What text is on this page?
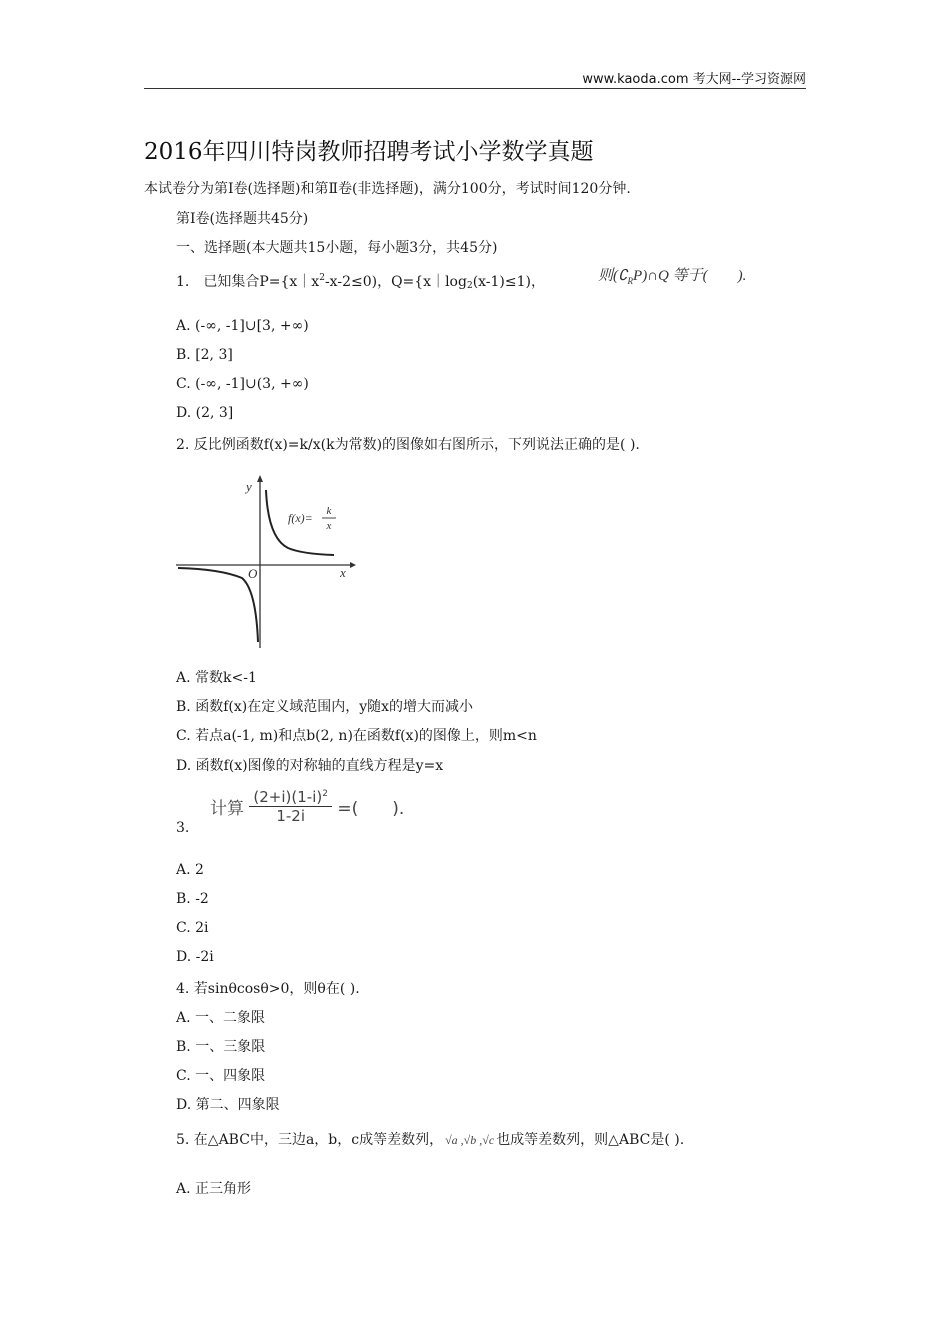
www.kaoda.com 考大网--学习资源网
2016年四川特岗教师招聘考试小学数学真题
本试卷分为第Ⅰ卷(选择题)和第Ⅱ卷(非选择题)，满分100分，考试时间120分钟.
第Ⅰ卷(选择题共45分)
一、选择题(本大题共15小题，每小题3分，共45分)
1.　已知集合$P=\{x|x^2-x-2\le 0)$，$Q=\{x|\log_2(x-1)\le 1)$，	则$(∁_RP)\cap Q$ 等于(　　).
A. (-∞, -1]∪[3, +∞)
B. [2, 3]
C. (-∞, -1]∪(3, +∞)
D. (2, 3]
2. 反比例函数f(x)=k/x(k为常数)的图像如右图所示，下列说法正确的是( ).
y
x
O
f(x)= k
x
A. 常数k<-1
B. 函数f(x)在定义域范围内，y随x的增大而减小
C. 若点a(-1, m)和点b(2, n)在函数f(x)的图像上，则m<n
D. 函数f(x)图像的对称轴的直线方程是y=x
计算 $\frac{(2+i)(1-i)^2}{1-2i}$ =(　　).
3.
A. 2
B. -2
C. 2i
D. -2i
4. 若sinθcosθ>0，则θ在( ).
A. 一、二象限
B. 一、三象限
C. 一、四象限
D. 第二、四象限
5. 在△ABC中，三边a，b，c成等差数列， √a ,√b ,√c 也成等差数列，则△ABC是( ).
A. 正三角形
